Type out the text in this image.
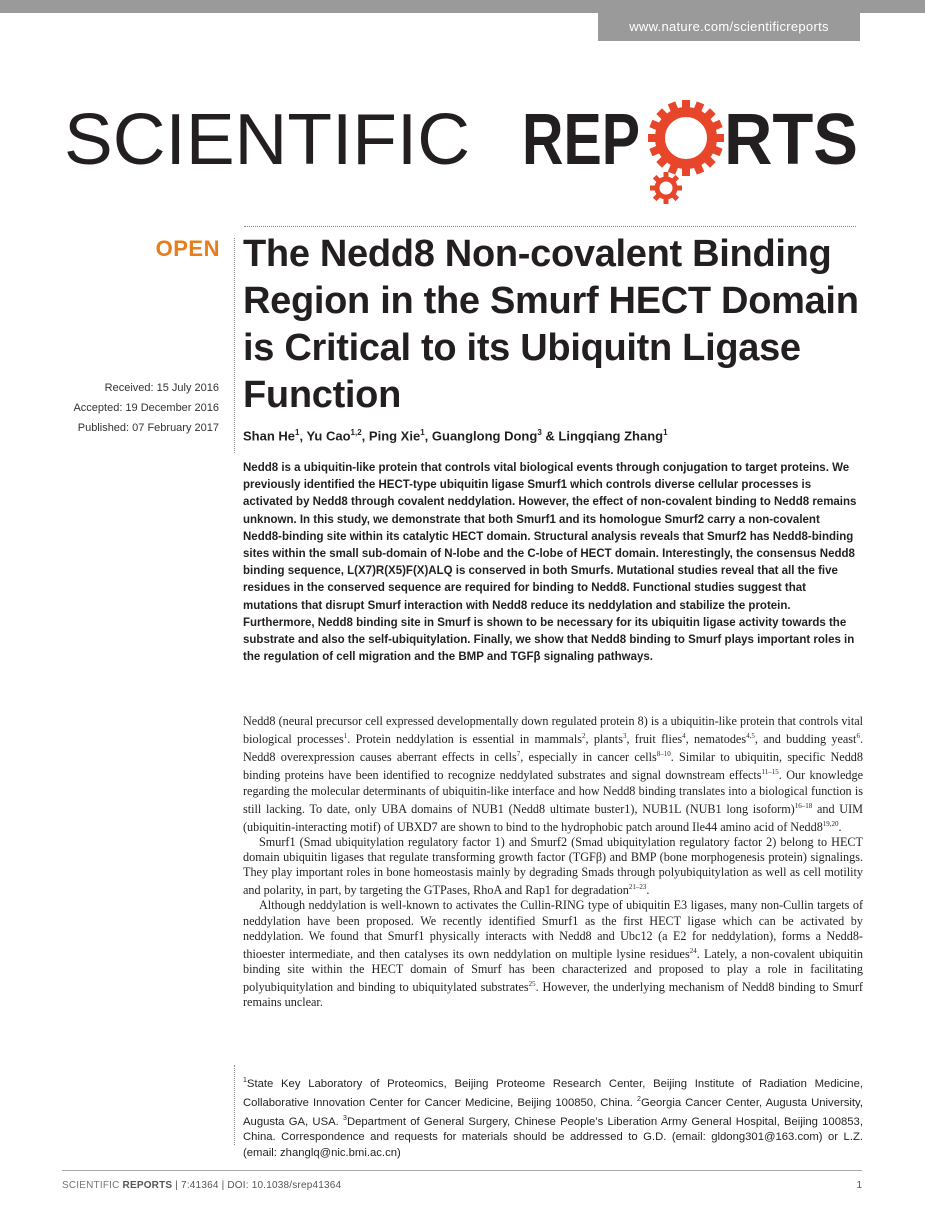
www.nature.com/scientificreports
SCIENTIFIC REP RTS
OPEN
Received: 15 July 2016
Accepted: 19 December 2016
Published: 07 February 2017
The Nedd8 Non-covalent Binding
Region in the Smurf HECT Domain
is Critical to its Ubiquitn Ligase
Function
Shan He$^1$, Yu Cao$^{1,2}$, Ping Xie$^1$, Guanglong Dong$^3$ & Lingqiang Zhang$^1$
Nedd8 is a ubiquitin-like protein that controls vital biological events through conjugation to target proteins. We previously identified the HECT-type ubiquitin ligase Smurf1 which controls diverse cellular processes is activated by Nedd8 through covalent neddylation. However, the effect of non-covalent binding to Nedd8 remains unknown. In this study, we demonstrate that both Smurf1 and its homologue Smurf2 carry a non-covalent Nedd8-binding site within its catalytic HECT domain. Structural analysis reveals that Smurf2 has Nedd8-binding sites within the small sub-domain of N-lobe and the C-lobe of HECT domain. Interestingly, the consensus Nedd8 binding sequence, L(X7)R(X5)F(X)ALQ is conserved in both Smurfs. Mutational studies reveal that all the five residues in the conserved sequence are required for binding to Nedd8. Functional studies suggest that mutations that disrupt Smurf interaction with Nedd8 reduce its neddylation and stabilize the protein. Furthermore, Nedd8 binding site in Smurf is shown to be necessary for its ubiquitin ligase activity towards the substrate and also the self-ubiquitylation. Finally, we show that Nedd8 binding to Smurf plays important roles in the regulation of cell migration and the BMP and TGFβ signaling pathways.

Nedd8 (neural precursor cell expressed developmentally down regulated protein 8) is a ubiquitin-like protein that controls vital biological processes$^1$. Protein neddylation is essential in mammals$^2$, plants$^3$, fruit flies$^4$, nematodes$^{4,5}$, and budding yeast$^6$. Nedd8 overexpression causes aberrant effects in cells$^7$, especially in cancer cells$^{8-10}$. Similar to ubiquitin, specific Nedd8 binding proteins have been identified to recognize neddylated substrates and signal downstream effects$^{11-15}$. Our knowledge regarding the molecular determinants of ubiquitin-like interface and how Nedd8 binding translates into a biological function is still lacking. To date, only UBA domains of NUB1 (Nedd8 ultimate buster1), NUB1L (NUB1 long isoform)$^{16-18}$ and UIM (ubiquitin-interacting motif) of UBXD7 are shown to bind to the hydrophobic patch around Ile44 amino acid of Nedd8$^{19,20}$.

Smurf1 (Smad ubiquitylation regulatory factor 1) and Smurf2 (Smad ubiquitylation regulatory factor 2) belong to HECT domain ubiquitin ligases that regulate transforming growth factor (TGFβ) and BMP (bone morphogenesis protein) signalings. They play important roles in bone homeostasis mainly by degrading Smads through polyubiquitylation as well as cell motility and polarity, in part, by targeting the GTPases, RhoA and Rap1 for degradation$^{21-23}$.

Although neddylation is well-known to activates the Cullin-RING type of ubiquitin E3 ligases, many non-Cullin targets of neddylation have been proposed. We recently identified Smurf1 as the first HECT ligase which can be activated by neddylation. We found that Smurf1 physically interacts with Nedd8 and Ubc12 (a E2 for neddylation), forms a Nedd8-thioester intermediate, and then catalyses its own neddylation on multiple lysine residues$^{24}$. Lately, a non-covalent ubiquitin binding site within the HECT domain of Smurf has been characterized and proposed to play a role in facilitating polyubiquitylation and binding to ubiquitylated substrates$^{25}$. However, the underlying mechanism of Nedd8 binding to Smurf remains unclear.

$^1$State Key Laboratory of Proteomics, Beijing Proteome Research Center, Beijing Institute of Radiation Medicine, Collaborative Innovation Center for Cancer Medicine, Beijing 100850, China. $^2$Georgia Cancer Center, Augusta University, Augusta GA, USA. $^3$Department of General Surgery, Chinese People’s Liberation Army General Hospital, Beijing 100853, China. Correspondence and requests for materials should be addressed to G.D. (email: gldong301@163.com) or L.Z. (email: zhanglq@nic.bmi.ac.cn)
SCIENTIFIC REPORTS | 7:41364 | DOI: 10.1038/srep41364	1
